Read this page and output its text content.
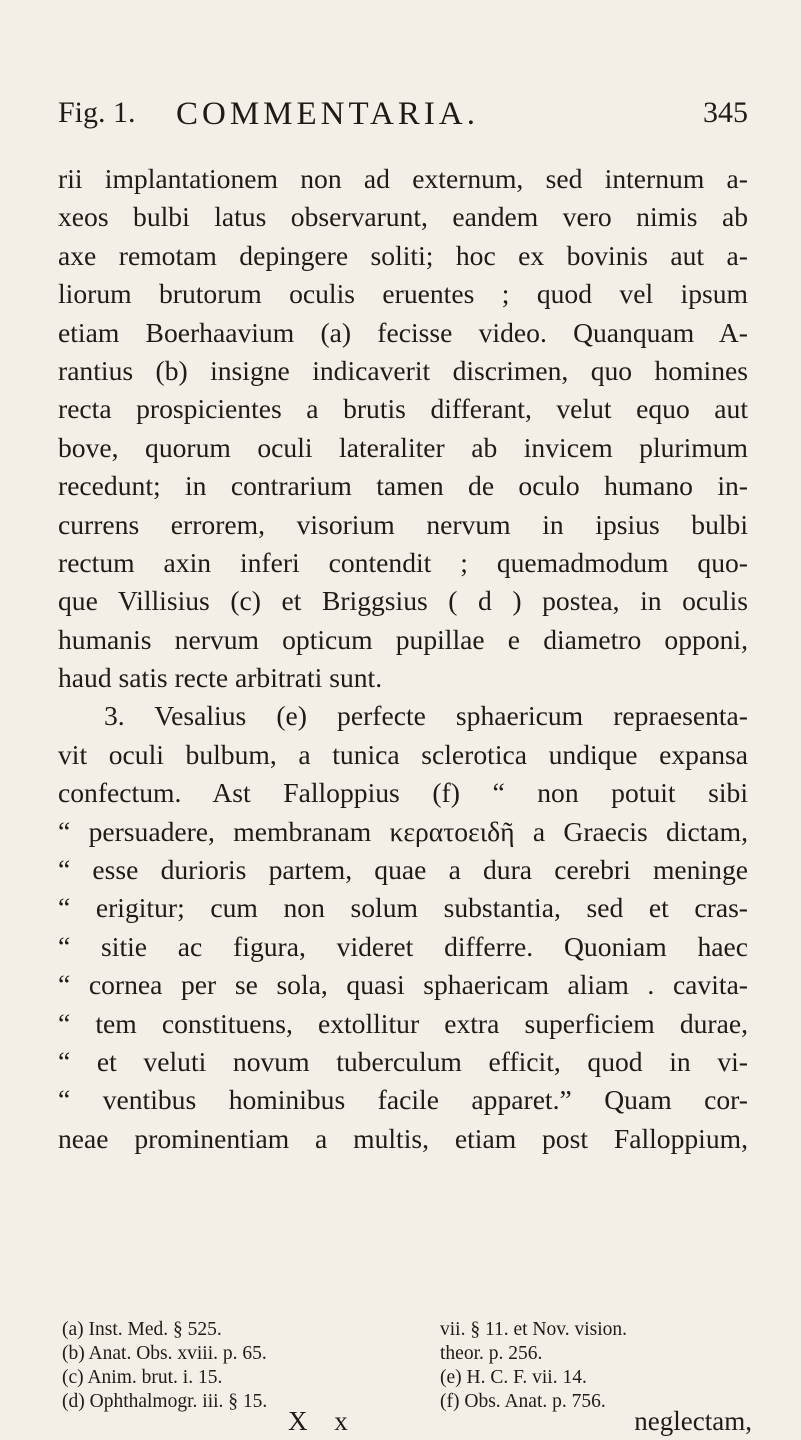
Fig. 1. COMMENTARIA.	345
rii implantationem non ad externum, sed internum a-
xeos bulbi latus observarunt, eandem vero nimis ab
axe remotam depingere soliti; hoc ex bovinis aut a-
liorum brutorum oculis eruentes ; quod vel ipsum
etiam Boerhaavium (a) fecisse video. Quanquam A-
rantius (b) insigne indicaverit discrimen, quo homines
recta prospicientes a brutis differant, velut equo aut
bove, quorum oculi lateraliter ab invicem plurimum
recedunt; in contrarium tamen de oculo humano in-
currens errorem, visorium nervum in ipsius bulbi
rectum axin inferi contendit ; quemadmodum quo-
que Villisius (c) et Briggsius ( d ) postea, in oculis
humanis nervum opticum pupillae e diametro opponi,
haud satis recte arbitrati sunt.
3. Vesalius (e) perfecte sphaericum repraesenta-
vit oculi bulbum, a tunica sclerotica undique expansa
confectum. Ast Falloppius (f) “ non potuit sibi
“ persuadere, membranam κερατοειδῆ a Graecis dictam,
“ esse durioris partem, quae a dura cerebri meninge
“ erigitur; cum non solum substantia, sed et cras-
“ sitie ac figura, videret differre. Quoniam haec
“ cornea per se sola, quasi sphaericam aliam . cavita-
“ tem constituens, extollitur extra superficiem durae,
“ et veluti novum tuberculum efficit, quod in vi-
“ ventibus hominibus facile apparet.” Quam cor-
neae prominentiam a multis, etiam post Falloppium,
(a) Inst. Med. § 525.	vii. § 11. et Nov. vision.
(b) Anat. Obs. xviii. p. 65.	theor. p. 256.
(c) Anim. brut. i. 15.	(e) H. C. F. vii. 14.
(d) Ophthalmogr. iii. § 15.	(f) Obs. Anat. p. 756.
X x	neglectam,
